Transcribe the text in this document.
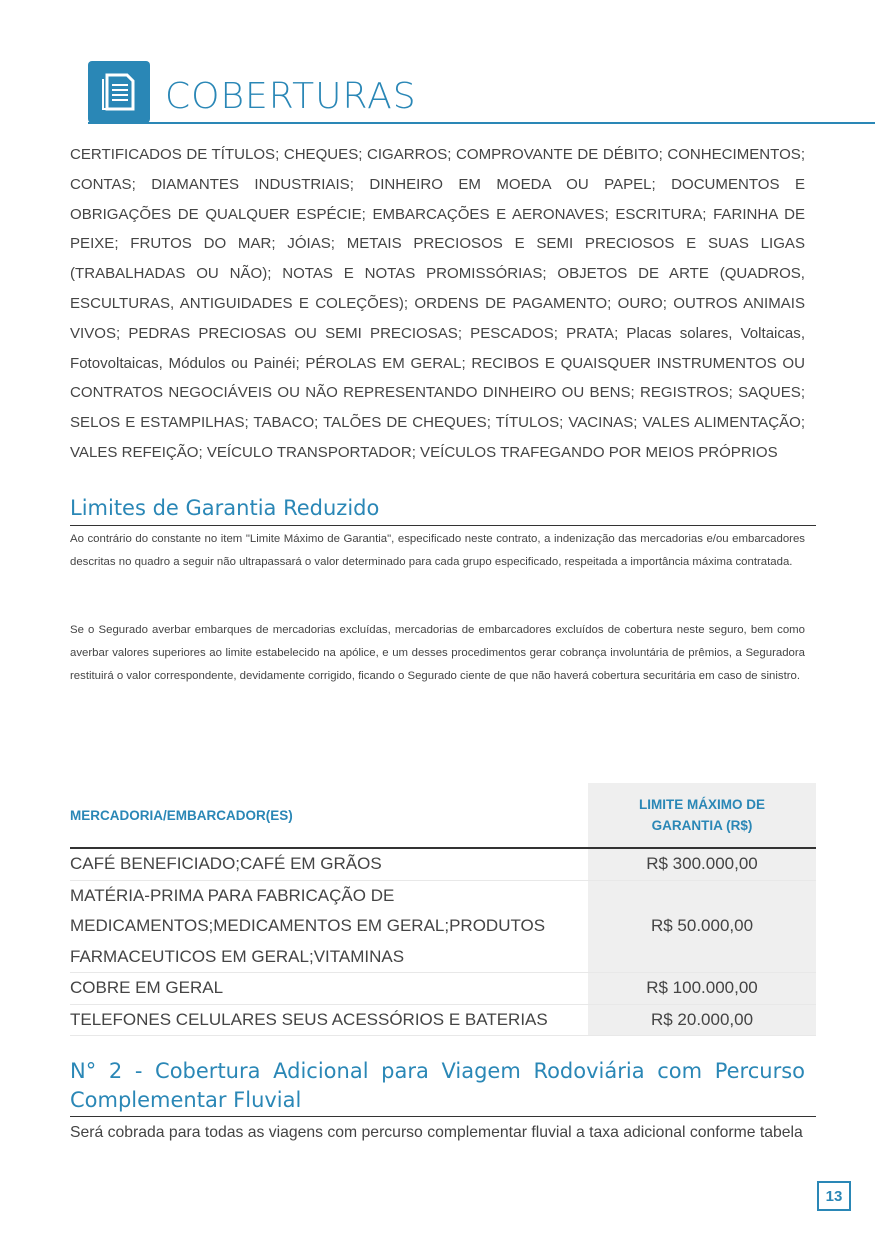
COBERTURAS
CERTIFICADOS DE TÍTULOS; CHEQUES; CIGARROS; COMPROVANTE DE DÉBITO; CONHECIMENTOS; CONTAS; DIAMANTES INDUSTRIAIS; DINHEIRO EM MOEDA OU PAPEL; DOCUMENTOS E OBRIGAÇÕES DE QUALQUER ESPÉCIE; EMBARCAÇÕES E AERONAVES; ESCRITURA; FARINHA DE PEIXE; FRUTOS DO MAR; JÓIAS; METAIS PRECIOSOS E SEMI PRECIOSOS E SUAS LIGAS (TRABALHADAS OU NÃO); NOTAS E NOTAS PROMISSÓRIAS; OBJETOS DE ARTE (QUADROS, ESCULTURAS, ANTIGUIDADES E COLEÇÕES); ORDENS DE PAGAMENTO; OURO; OUTROS ANIMAIS VIVOS; PEDRAS PRECIOSAS OU SEMI PRECIOSAS; PESCADOS; PRATA; Placas solares, Voltaicas, Fotovoltaicas, Módulos ou Painéi; PÉROLAS EM GERAL; RECIBOS E QUAISQUER INSTRUMENTOS OU CONTRATOS NEGOCIÁVEIS OU NÃO REPRESENTANDO DINHEIRO OU BENS; REGISTROS; SAQUES; SELOS E ESTAMPILHAS; TABACO; TALÕES DE CHEQUES; TÍTULOS; VACINAS; VALES ALIMENTAÇÃO; VALES REFEIÇÃO; VEÍCULO TRANSPORTADOR; VEÍCULOS TRAFEGANDO POR MEIOS PRÓPRIOS
Limites de Garantia Reduzido
Ao contrário do constante no item "Limite Máximo de Garantia", especificado neste contrato, a indenização das mercadorias e/ou embarcadores descritas no quadro a seguir não ultrapassará o valor determinado para cada grupo especificado, respeitada a importância máxima contratada.
Se o Segurado averbar embarques de mercadorias excluídas, mercadorias de embarcadores excluídos de cobertura neste seguro, bem como averbar valores superiores ao limite estabelecido na apólice, e um desses procedimentos gerar cobrança involuntária de prêmios, a Seguradora restituirá o valor correspondente, devidamente corrigido, ficando o Segurado ciente de que não haverá cobertura securitária em caso de sinistro.
MERCADORIA/EMBARCADOR(ES)	LIMITE MÁXIMO DE
GARANTIA (R$)

CAFÉ BENEFICIADO;CAFÉ EM GRÃOS	R$ 300.000,00

MATÉRIA-PRIMA PARA FABRICAÇÃO DE
MEDICAMENTOS;MEDICAMENTOS EM GERAL;PRODUTOS
FARMACEUTICOS EM GERAL;VITAMINAS	R$ 50.000,00

COBRE EM GERAL	R$ 100.000,00

TELEFONES CELULARES SEUS ACESSÓRIOS E BATERIAS	R$ 20.000,00
N° 2 - Cobertura Adicional para Viagem Rodoviária com Percurso Complementar Fluvial
Será cobrada para todas as viagens com percurso complementar fluvial a taxa adicional conforme tabela
13
